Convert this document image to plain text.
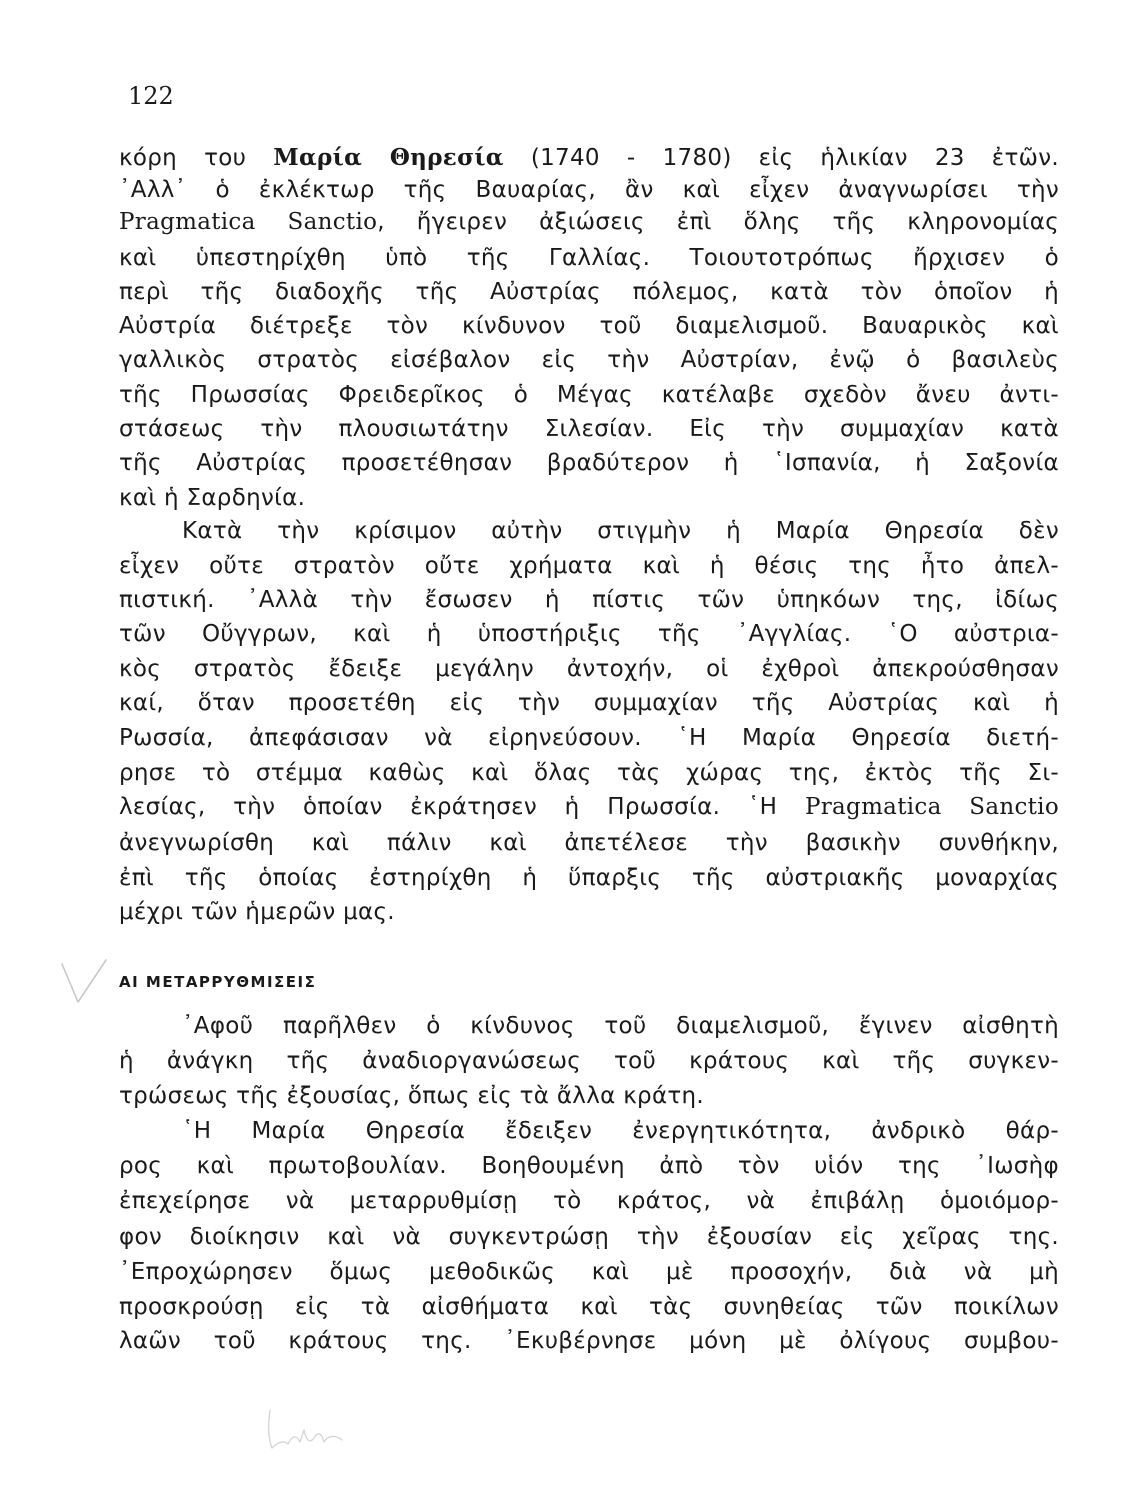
122
κόρη του Μαρία Θηρεσία (1740 - 1780) εἰς ἡλικίαν 23 ἐτῶν.
᾿Αλλ᾿ ὁ ἐκλέκτωρ τῆς Βαυαρίας, ἂν καὶ εἶχεν ἀναγνωρίσει τὴν
Pragmatica Sanctio, ἤγειρεν ἀξιώσεις ἐπὶ ὅλης τῆς κληρονομίας
καὶ ὑπεστηρίχθη ὑπὸ τῆς Γαλλίας. Τοιουτοτρόπως ἤρχισεν ὁ
περὶ τῆς διαδοχῆς τῆς Αὐστρίας πόλεμος, κατὰ τὸν ὁποῖον ἡ
Αὐστρία διέτρεξε τὸν κίνδυνον τοῦ διαμελισμοῦ. Βαυαρικὸς καὶ
γαλλικὸς στρατὸς εἰσέβαλον εἰς τὴν Αὐστρίαν, ἐνῷ ὁ βασιλεὺς
τῆς Πρωσσίας Φρειδερῖκος ὁ Μέγας κατέλαβε σχεδὸν ἄνευ ἀντι-
στάσεως τὴν πλουσιωτάτην Σιλεσίαν. Εἰς τὴν συμμαχίαν κατὰ
τῆς Αὐστρίας προσετέθησαν βραδύτερον ἡ ῾Ισπανία, ἡ Σαξονία
καὶ ἡ Σαρδηνία.
Κατὰ τὴν κρίσιμον αὐτὴν στιγμὴν ἡ Μαρία Θηρεσία δὲν
εἶχεν οὔτε στρατὸν οὔτε χρήματα καὶ ἡ θέσις της ἦτο ἀπελ-
πιστική. ᾿Αλλὰ τὴν ἔσωσεν ἡ πίστις τῶν ὑπηκόων της, ἰδίως
τῶν Οὔγγρων, καὶ ἡ ὑποστήριξις τῆς ᾿Αγγλίας. ῾Ο αὐστρια-
κὸς στρατὸς ἔδειξε μεγάλην ἀντοχήν, οἱ ἐχθροὶ ἀπεκρούσθησαν
καί, ὅταν προσετέθη εἰς τὴν συμμαχίαν τῆς Αὐστρίας καὶ ἡ
Ρωσσία, ἀπεφάσισαν νὰ εἰρηνεύσουν. ῾Η Μαρία Θηρεσία διετή-
ρησε τὸ στέμμα καθὼς καὶ ὅλας τὰς χώρας της, ἐκτὸς τῆς Σι-
λεσίας, τὴν ὁποίαν ἐκράτησεν ἡ Πρωσσία. ῾Η Pragmatica Sanctio
ἀνεγνωρίσθη καὶ πάλιν καὶ ἀπετέλεσε τὴν βασικὴν συνθήκην,
ἐπὶ τῆς ὁποίας ἐστηρίχθη ἡ ὕπαρξις τῆς αὐστριακῆς μοναρχίας
μέχρι τῶν ἡμερῶν μας.
ΑΙ ΜΕΤΑΡΡΥΘΜΙΣΕΙΣ
᾿Αφοῦ παρῆλθεν ὁ κίνδυνος τοῦ διαμελισμοῦ, ἔγινεν αἰσθητὴ
ἡ ἀνάγκη τῆς ἀναδιοργανώσεως τοῦ κράτους καὶ τῆς συγκεν-
τρώσεως τῆς ἐξουσίας, ὅπως εἰς τὰ ἄλλα κράτη.
῾Η Μαρία Θηρεσία ἔδειξεν ἐνεργητικότητα, ἀνδρικὸ θάρ-
ρος καὶ πρωτοβουλίαν. Βοηθουμένη ἀπὸ τὸν υἱόν της ᾿Ιωσὴφ
ἐπεχείρησε νὰ μεταρρυθμίσῃ τὸ κράτος, νὰ ἐπιβάλῃ ὁμοιόμορ-
φον διοίκησιν καὶ νὰ συγκεντρώσῃ τὴν ἐξουσίαν εἰς χεῖρας της.
᾿Επροχώρησεν ὅμως μεθοδικῶς καὶ μὲ προσοχήν, διὰ νὰ μὴ
προσκρούσῃ εἰς τὰ αἰσθήματα καὶ τὰς συνηθείας τῶν ποικίλων
λαῶν τοῦ κράτους της. ᾿Εκυβέρνησε μόνη μὲ ὀλίγους συμβου-
